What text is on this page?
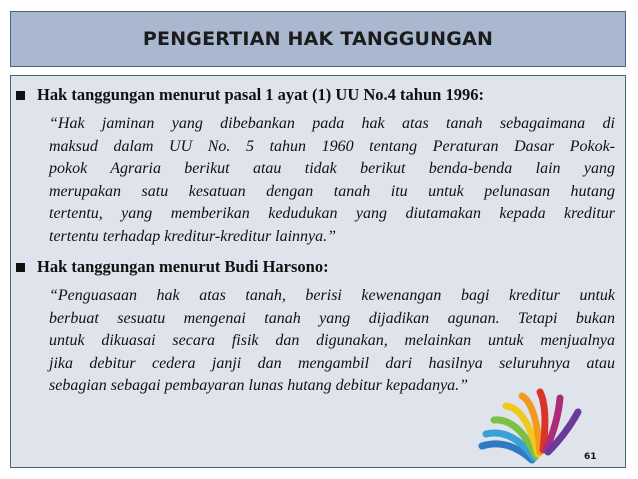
PENGERTIAN HAK TANGGUNGAN
Hak tanggungan menurut pasal 1 ayat (1) UU No.4 tahun 1996:
“Hak jaminan yang dibebankan pada hak atas tanah sebagaimana di
maksud dalam UU No. 5 tahun 1960 tentang Peraturan Dasar Pokok-
pokok Agraria berikut atau tidak berikut benda-benda lain yang
merupakan satu kesatuan dengan tanah itu untuk pelunasan hutang
tertentu, yang memberikan kedudukan yang diutamakan kepada kreditur
tertentu terhadap kreditur-kreditur lainnya.”
Hak tanggungan menurut Budi Harsono:
“Penguasaan hak atas tanah, berisi kewenangan bagi kreditur untuk
berbuat sesuatu mengenai tanah yang dijadikan agunan. Tetapi bukan
untuk dikuasai secara fisik dan digunakan, melainkan untuk menjualnya
jika debitur cedera janji dan mengambil dari hasilnya seluruhnya atau
sebagian sebagai pembayaran lunas hutang debitur kepadanya.”
61
